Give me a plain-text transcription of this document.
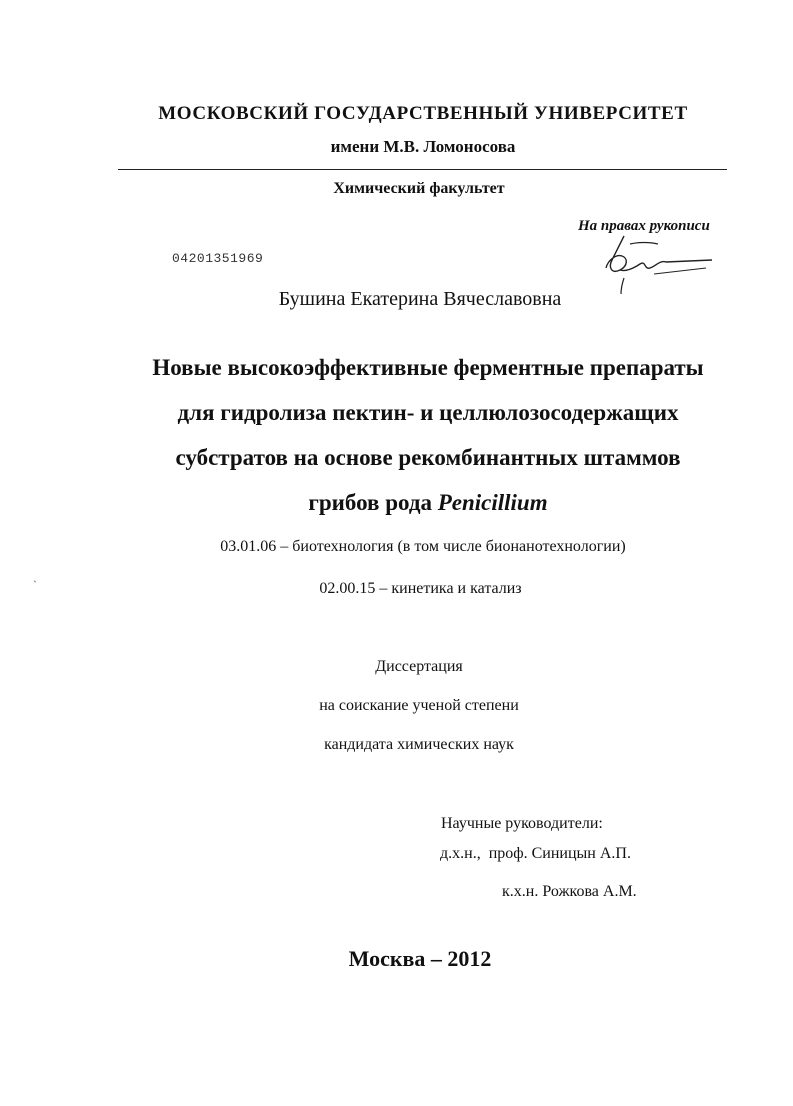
МОСКОВСКИЙ ГОСУДАРСТВЕННЫЙ УНИВЕРСИТЕТ
имени М.В. Ломоносова
Химический факультет
На правах рукописи
04201351969
Бушина Екатерина Вячеславовна
Новые высокоэффективные ферментные препараты
для гидролиза пектин- и целлюлозосодержащих
субстратов на основе рекомбинантных штаммов
грибов рода Penicillium
ˏ
03.01.06 – биотехнология (в том числе бионанотехнологии)
02.00.15 – кинетика и катализ
Диссертация
на соискание ученой степени
кандидата химических наук
Научные руководители:
д.х.н.,  проф. Синицын А.П.
к.х.н. Рожкова А.М.
Москва – 2012
